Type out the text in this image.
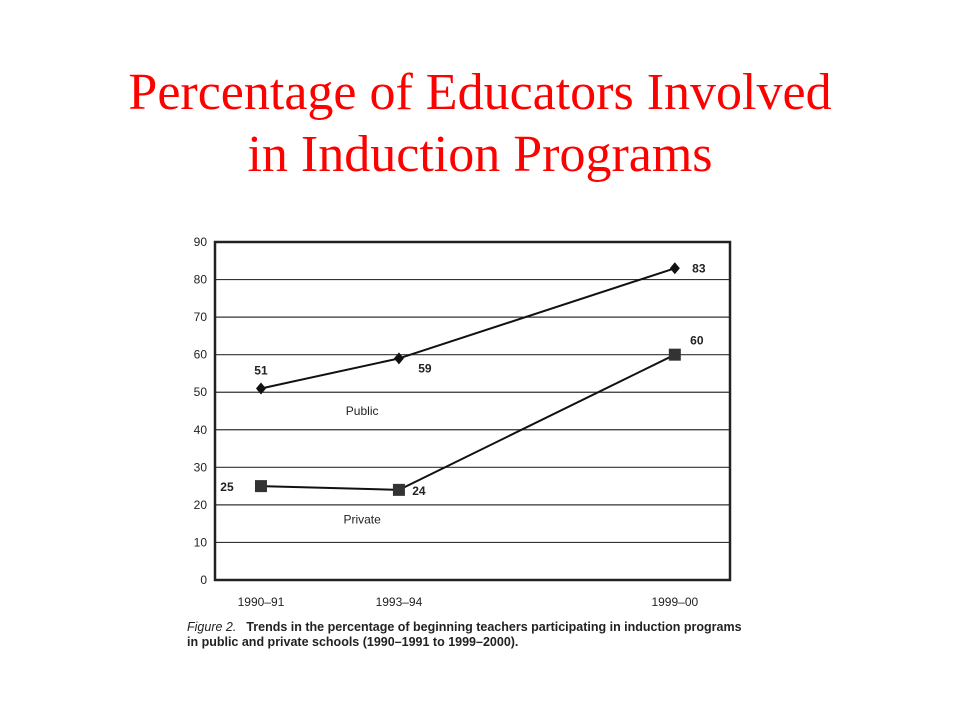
Percentage of Educators Involved
in Induction Programs
0
10
20
30
40
50
60
70
80
90
1990–91	1993–94	1999–00
51	59
83
Public
25	24
60
Private
Figure 2. Trends in the percentage of beginning teachers participating in induction programs in public and private schools (1990–1991 to 1999–2000).
